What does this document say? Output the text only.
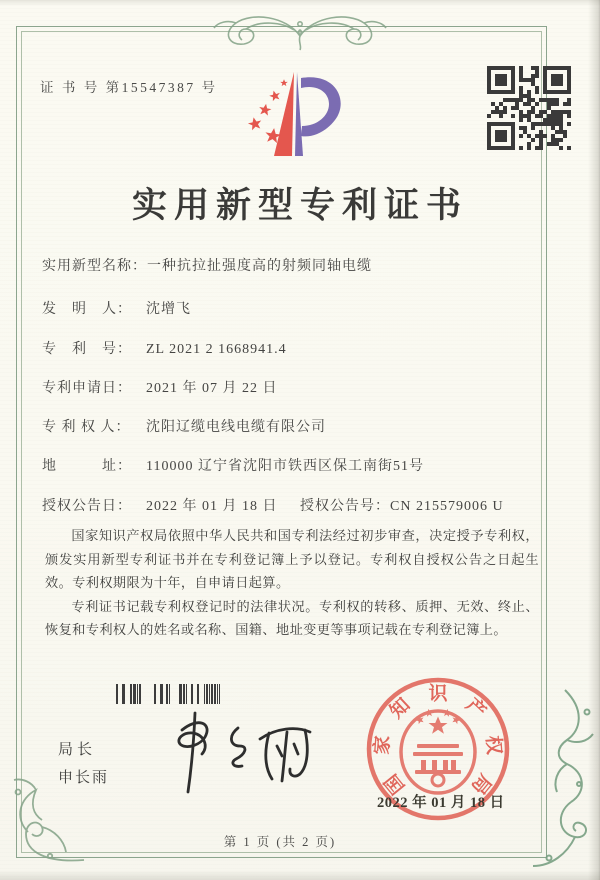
证 书 号 第15547387 号
实用新型专利证书
实用新型名称：一种抗拉扯强度高的射频同轴电缆
发　明　人： 沈增飞
专　利　号： ZL 2021 2 1668941.4
专利申请日： 2021 年 07 月 22 日
专 利 权 人： 沈阳辽缆电线电缆有限公司
地　　　址： 110000 辽宁省沈阳市铁西区保工南街51号
授权公告日： 2022 年 01 月 18 日 授权公告号：CN 215579006 U

国家知识产权局依照中华人民共和国专利法经过初步审查，决定授予专利权，颁发实用新型专利证书并在专利登记簿上予以登记。专利权自授权公告之日起生效。专利权期限为十年，自申请日起算。

专利证书记载专利权登记时的法律状况。专利权的转移、质押、无效、终止、恢复和专利权人的姓名或名称、国籍、地址变更等事项记载在专利登记簿上。

局长
申长雨	国
家
知
识
产
权
局
2022 年 01 月 18 日
第 1 页 (共 2 页)
